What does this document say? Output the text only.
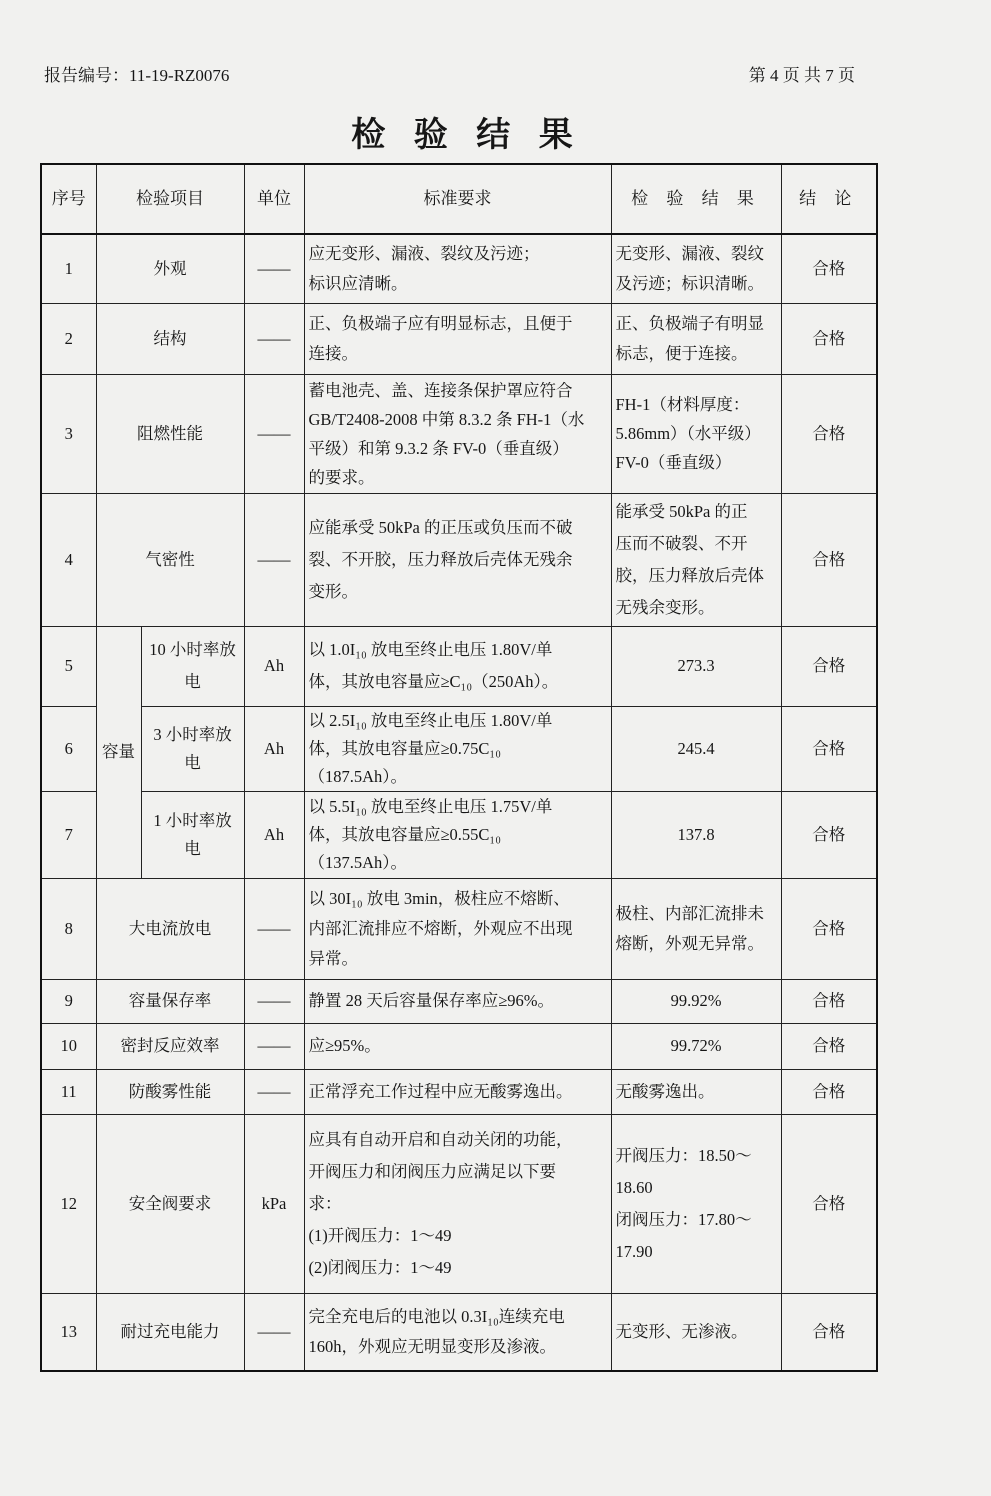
报告编号：11-19-RZ0076	第 4 页 共 7 页
检 验 结 果
序号	检验项目		单位	标准要求	检 验 结 果	结 论
1	外观		——	应无变形、漏液、裂纹及污迹；
标识应清晰。	无变形、漏液、裂纹
及污迹；标识清晰。	合格
2	结构		——	正、负极端子应有明显标志，且便于
连接。	正、负极端子有明显
标志，便于连接。	合格
3	阻燃性能		——	蓄电池壳、盖、连接条保护罩应符合
GB/T2408-2008 中第 8.3.2 条 FH-1（水
平级）和第 9.3.2 条 FV-0（垂直级）
的要求。	FH-1（材料厚度：
5.86mm）（水平级）
FV-0（垂直级）	合格
4	气密性		——	应能承受 50kPa 的正压或负压而不破
裂、不开胶，压力释放后壳体无残余
变形。	能承受 50kPa 的正
压而不破裂、不开
胶，压力释放后壳体
无残余变形。	合格
5	容量	10 小时率放
电	Ah	以 1.0I₁₀ 放电至终止电压 1.80V/单
体，其放电容量应≥C₁₀（250Ah）。	273.3	合格
6		3 小时率放
电	Ah	以 2.5I₁₀ 放电至终止电压 1.80V/单
体，其放电容量应≥0.75C₁₀
（187.5Ah）。	245.4	合格
7		1 小时率放
电	Ah	以 5.5I₁₀ 放电至终止电压 1.75V/单
体，其放电容量应≥0.55C₁₀
（137.5Ah）。	137.8	合格
8	大电流放电		——	以 30I₁₀ 放电 3min，极柱应不熔断、
内部汇流排应不熔断，外观应不出现
异常。	极柱、内部汇流排未
熔断，外观无异常。	合格
9	容量保存率		——	静置 28 天后容量保存率应≥96%。	99.92%	合格
10	密封反应效率		——	应≥95%。	99.72%	合格
11	防酸雾性能		——	正常浮充工作过程中应无酸雾逸出。	无酸雾逸出。	合格
12	安全阀要求		kPa	应具有自动开启和自动关闭的功能，
开阀压力和闭阀压力应满足以下要
求：
(1)开阀压力：1～49
(2)闭阀压力：1～49	开阀压力：18.50～
18.60
闭阀压力：17.80～
17.90	合格
13	耐过充电能力		——	完全充电后的电池以 0.3I₁₀连续充电
160h，外观应无明显变形及渗液。	无变形、无渗液。	合格
